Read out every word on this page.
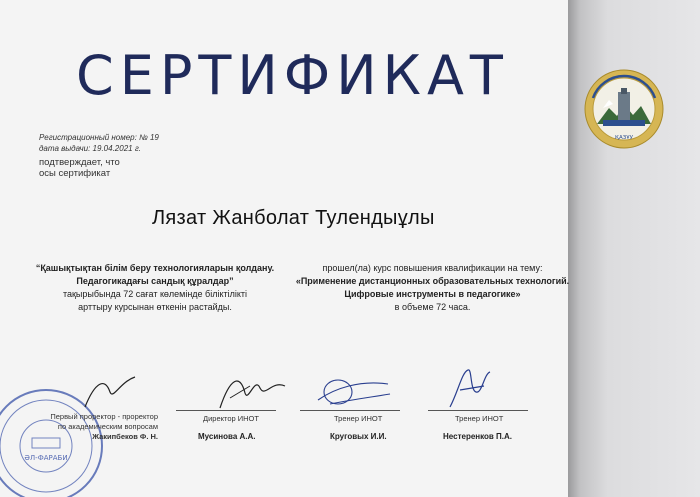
ҚАЗҰУ
СЕРТИФИКАТ
Регистрационный номер: № 19
дата выдачи: 19.04.2021 г.
подтверждает, что
осы сертификат
Лязат Жанболат Тулендыұлы
“Қашықтықтан білім беру технологияларын қолдану.
Педагогикадағы сандық құралдар”
тақырыбында 72 сағат көлемінде біліктілікті
арттыру курсынан өткенін растайды.
прошел(ла) курс повышения квалификации на тему:
«Применение дистанционных образовательных технологий.
Цифровые инструменты в педагогике»
в объеме 72 часа.
ӘЛ-ФАРАБИ
Первый проректор - проректор
по академическим вопросам
Жакипбеков Ф. Н.
Директор ИНОТ
Мусинова А.А.
Тренер ИНОТ
Круговых И.И.
Тренер ИНОТ
Нестеренков П.А.
